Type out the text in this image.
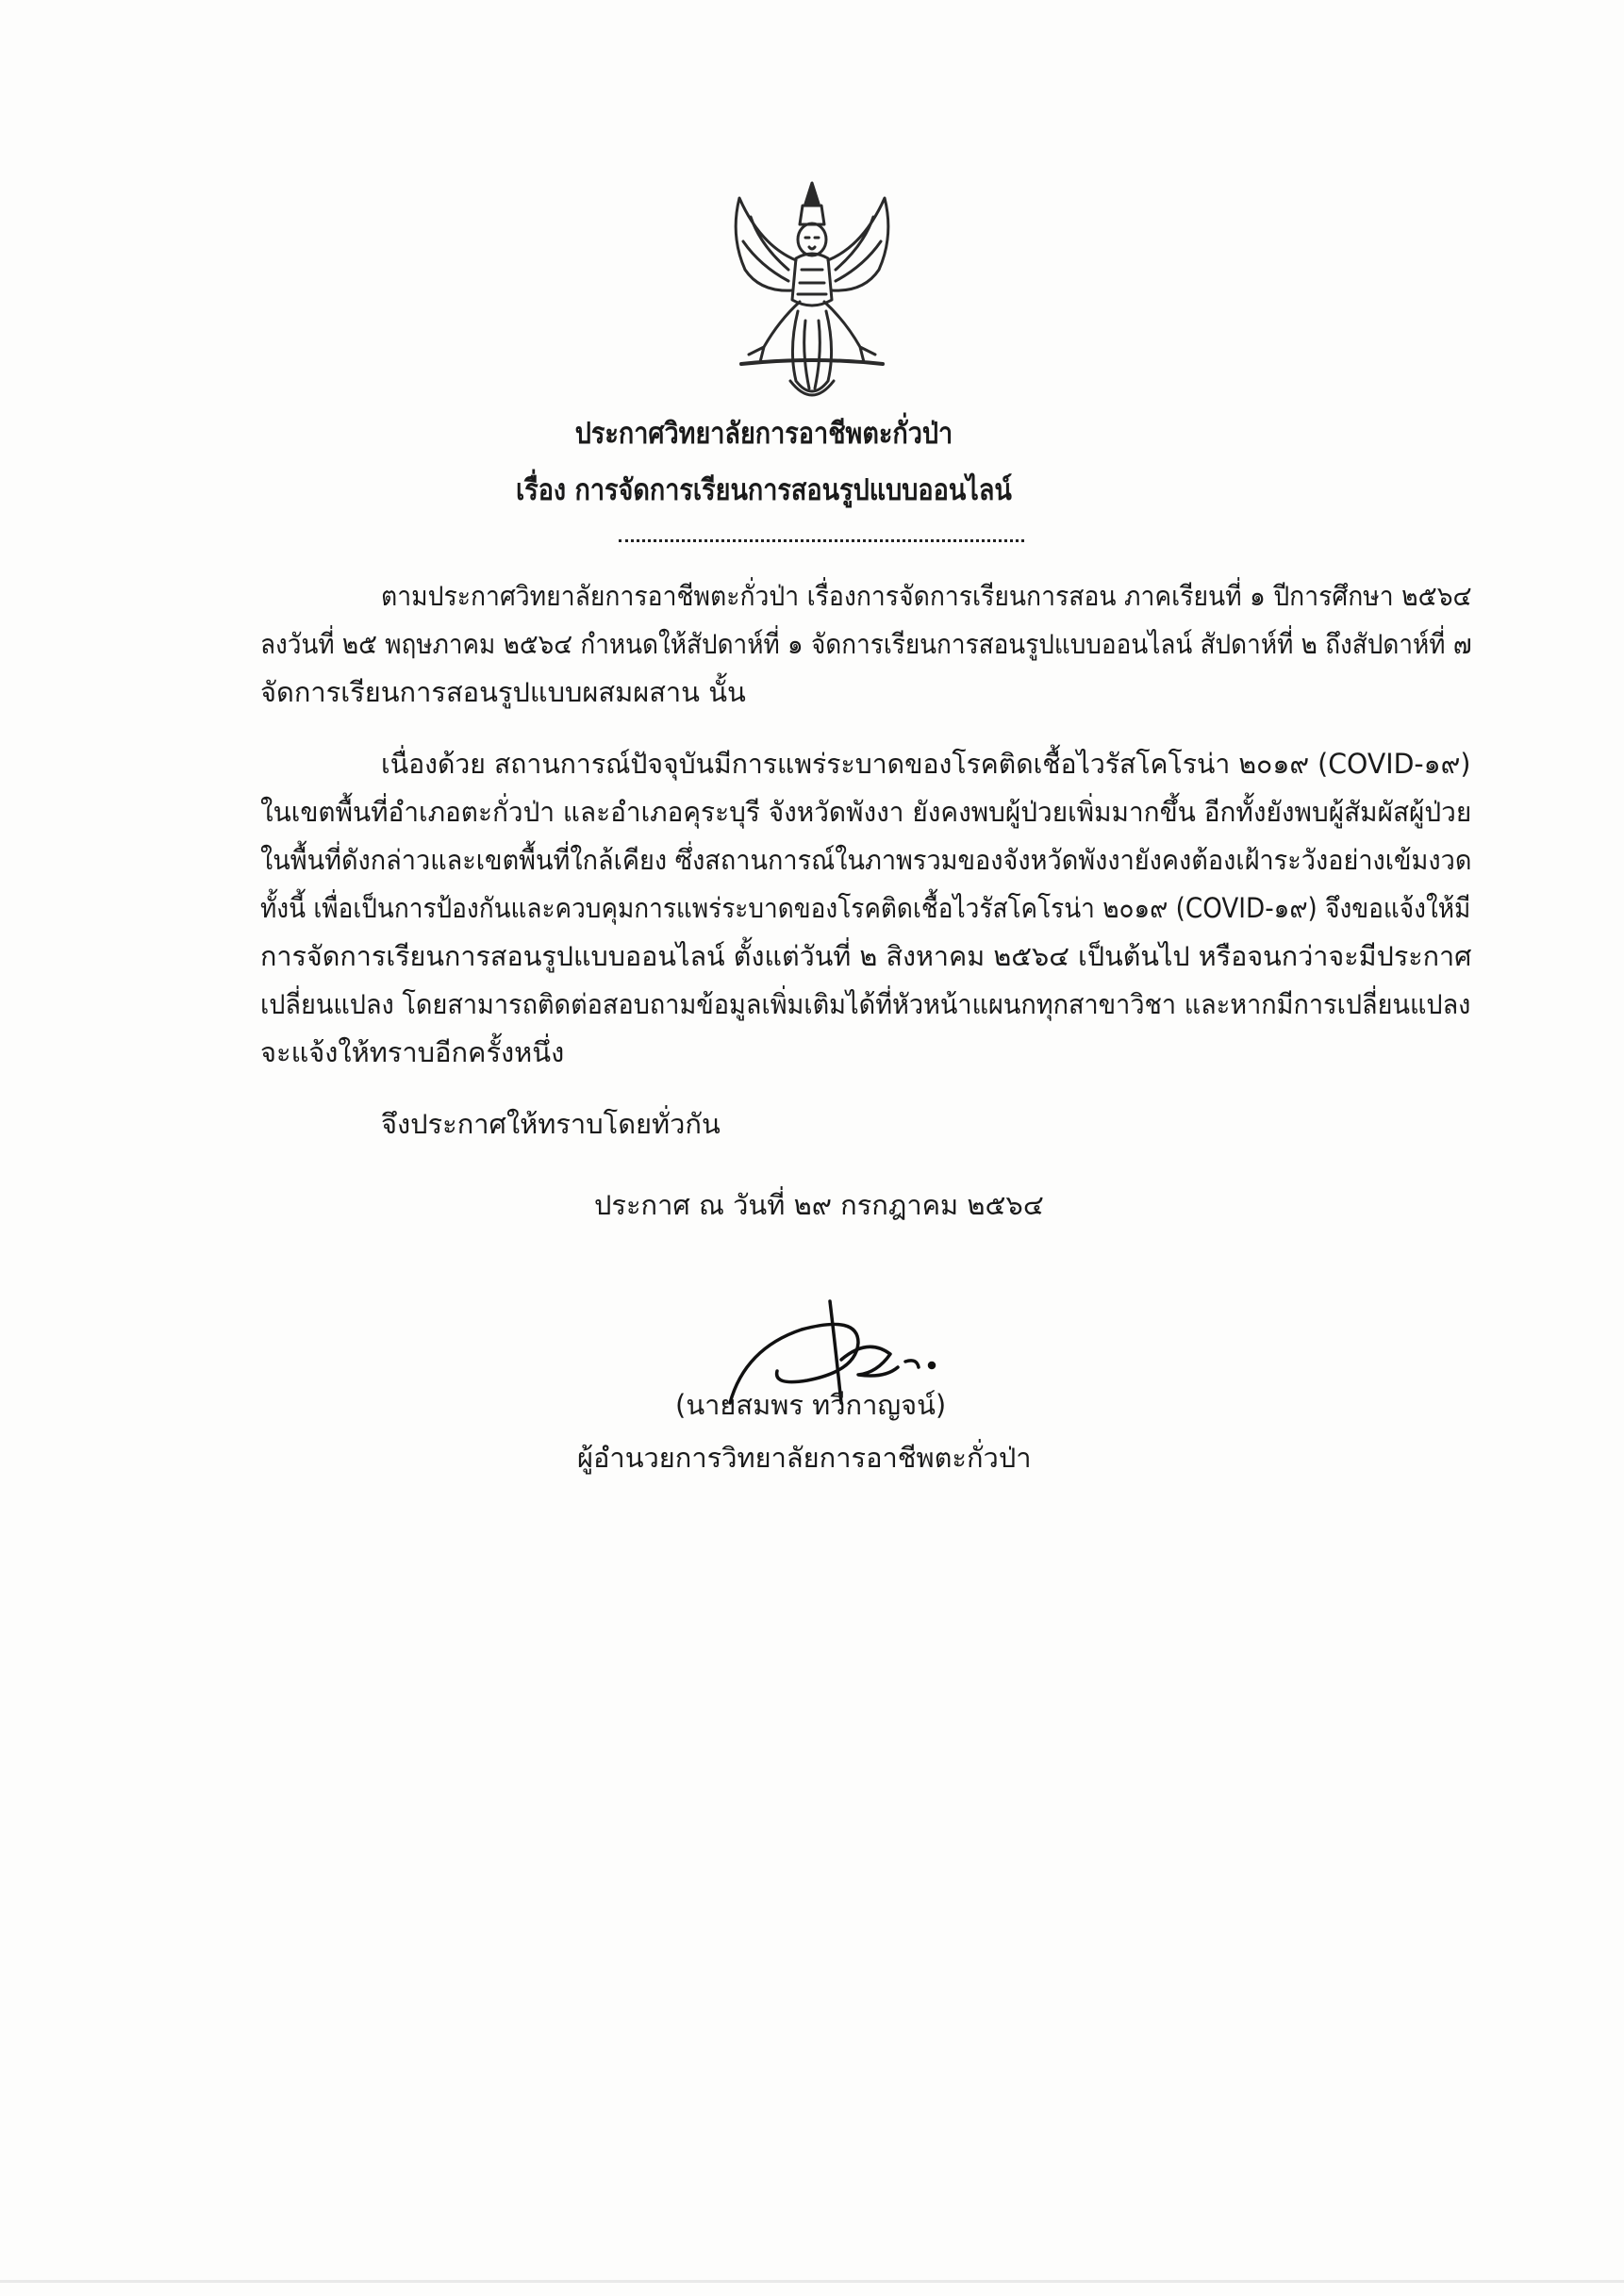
ประกาศวิทยาลัยการอาชีพตะกั่วป่า
เรื่อง การจัดการเรียนการสอนรูปแบบออนไลน์
ตามประกาศวิทยาลัยการอาชีพตะกั่วป่า เรื่องการจัดการเรียนการสอน ภาคเรียนที่ ๑ ปีการศึกษา ๒๕๖๔
ลงวันที่ ๒๕ พฤษภาคม ๒๕๖๔ กำหนดให้สัปดาห์ที่ ๑ จัดการเรียนการสอนรูปแบบออนไลน์ สัปดาห์ที่ ๒ ถึงสัปดาห์ที่ ๗
จัดการเรียนการสอนรูปแบบผสมผสาน นั้น
เนื่องด้วย สถานการณ์ปัจจุบันมีการแพร่ระบาดของโรคติดเชื้อไวรัสโคโรน่า ๒๐๑๙ (COVID-๑๙)
ในเขตพื้นที่อำเภอตะกั่วป่า และอำเภอคุระบุรี จังหวัดพังงา ยังคงพบผู้ป่วยเพิ่มมากขึ้น อีกทั้งยังพบผู้สัมผัสผู้ป่วย
ในพื้นที่ดังกล่าวและเขตพื้นที่ใกล้เคียง ซึ่งสถานการณ์ในภาพรวมของจังหวัดพังงายังคงต้องเฝ้าระวังอย่างเข้มงวด
ทั้งนี้ เพื่อเป็นการป้องกันและควบคุมการแพร่ระบาดของโรคติดเชื้อไวรัสโคโรน่า ๒๐๑๙ (COVID-๑๙) จึงขอแจ้งให้มี
การจัดการเรียนการสอนรูปแบบออนไลน์ ตั้งแต่วันที่ ๒ สิงหาคม ๒๕๖๔ เป็นต้นไป หรือจนกว่าจะมีประกาศ
เปลี่ยนแปลง โดยสามารถติดต่อสอบถามข้อมูลเพิ่มเติมได้ที่หัวหน้าแผนกทุกสาขาวิชา และหากมีการเปลี่ยนแปลง
จะแจ้งให้ทราบอีกครั้งหนึ่ง
จึงประกาศให้ทราบโดยทั่วกัน
ประกาศ ณ วันที่ ๒๙ กรกฎาคม ๒๕๖๔
(นายสมพร ทวีกาญจน์)
ผู้อำนวยการวิทยาลัยการอาชีพตะกั่วป่า
